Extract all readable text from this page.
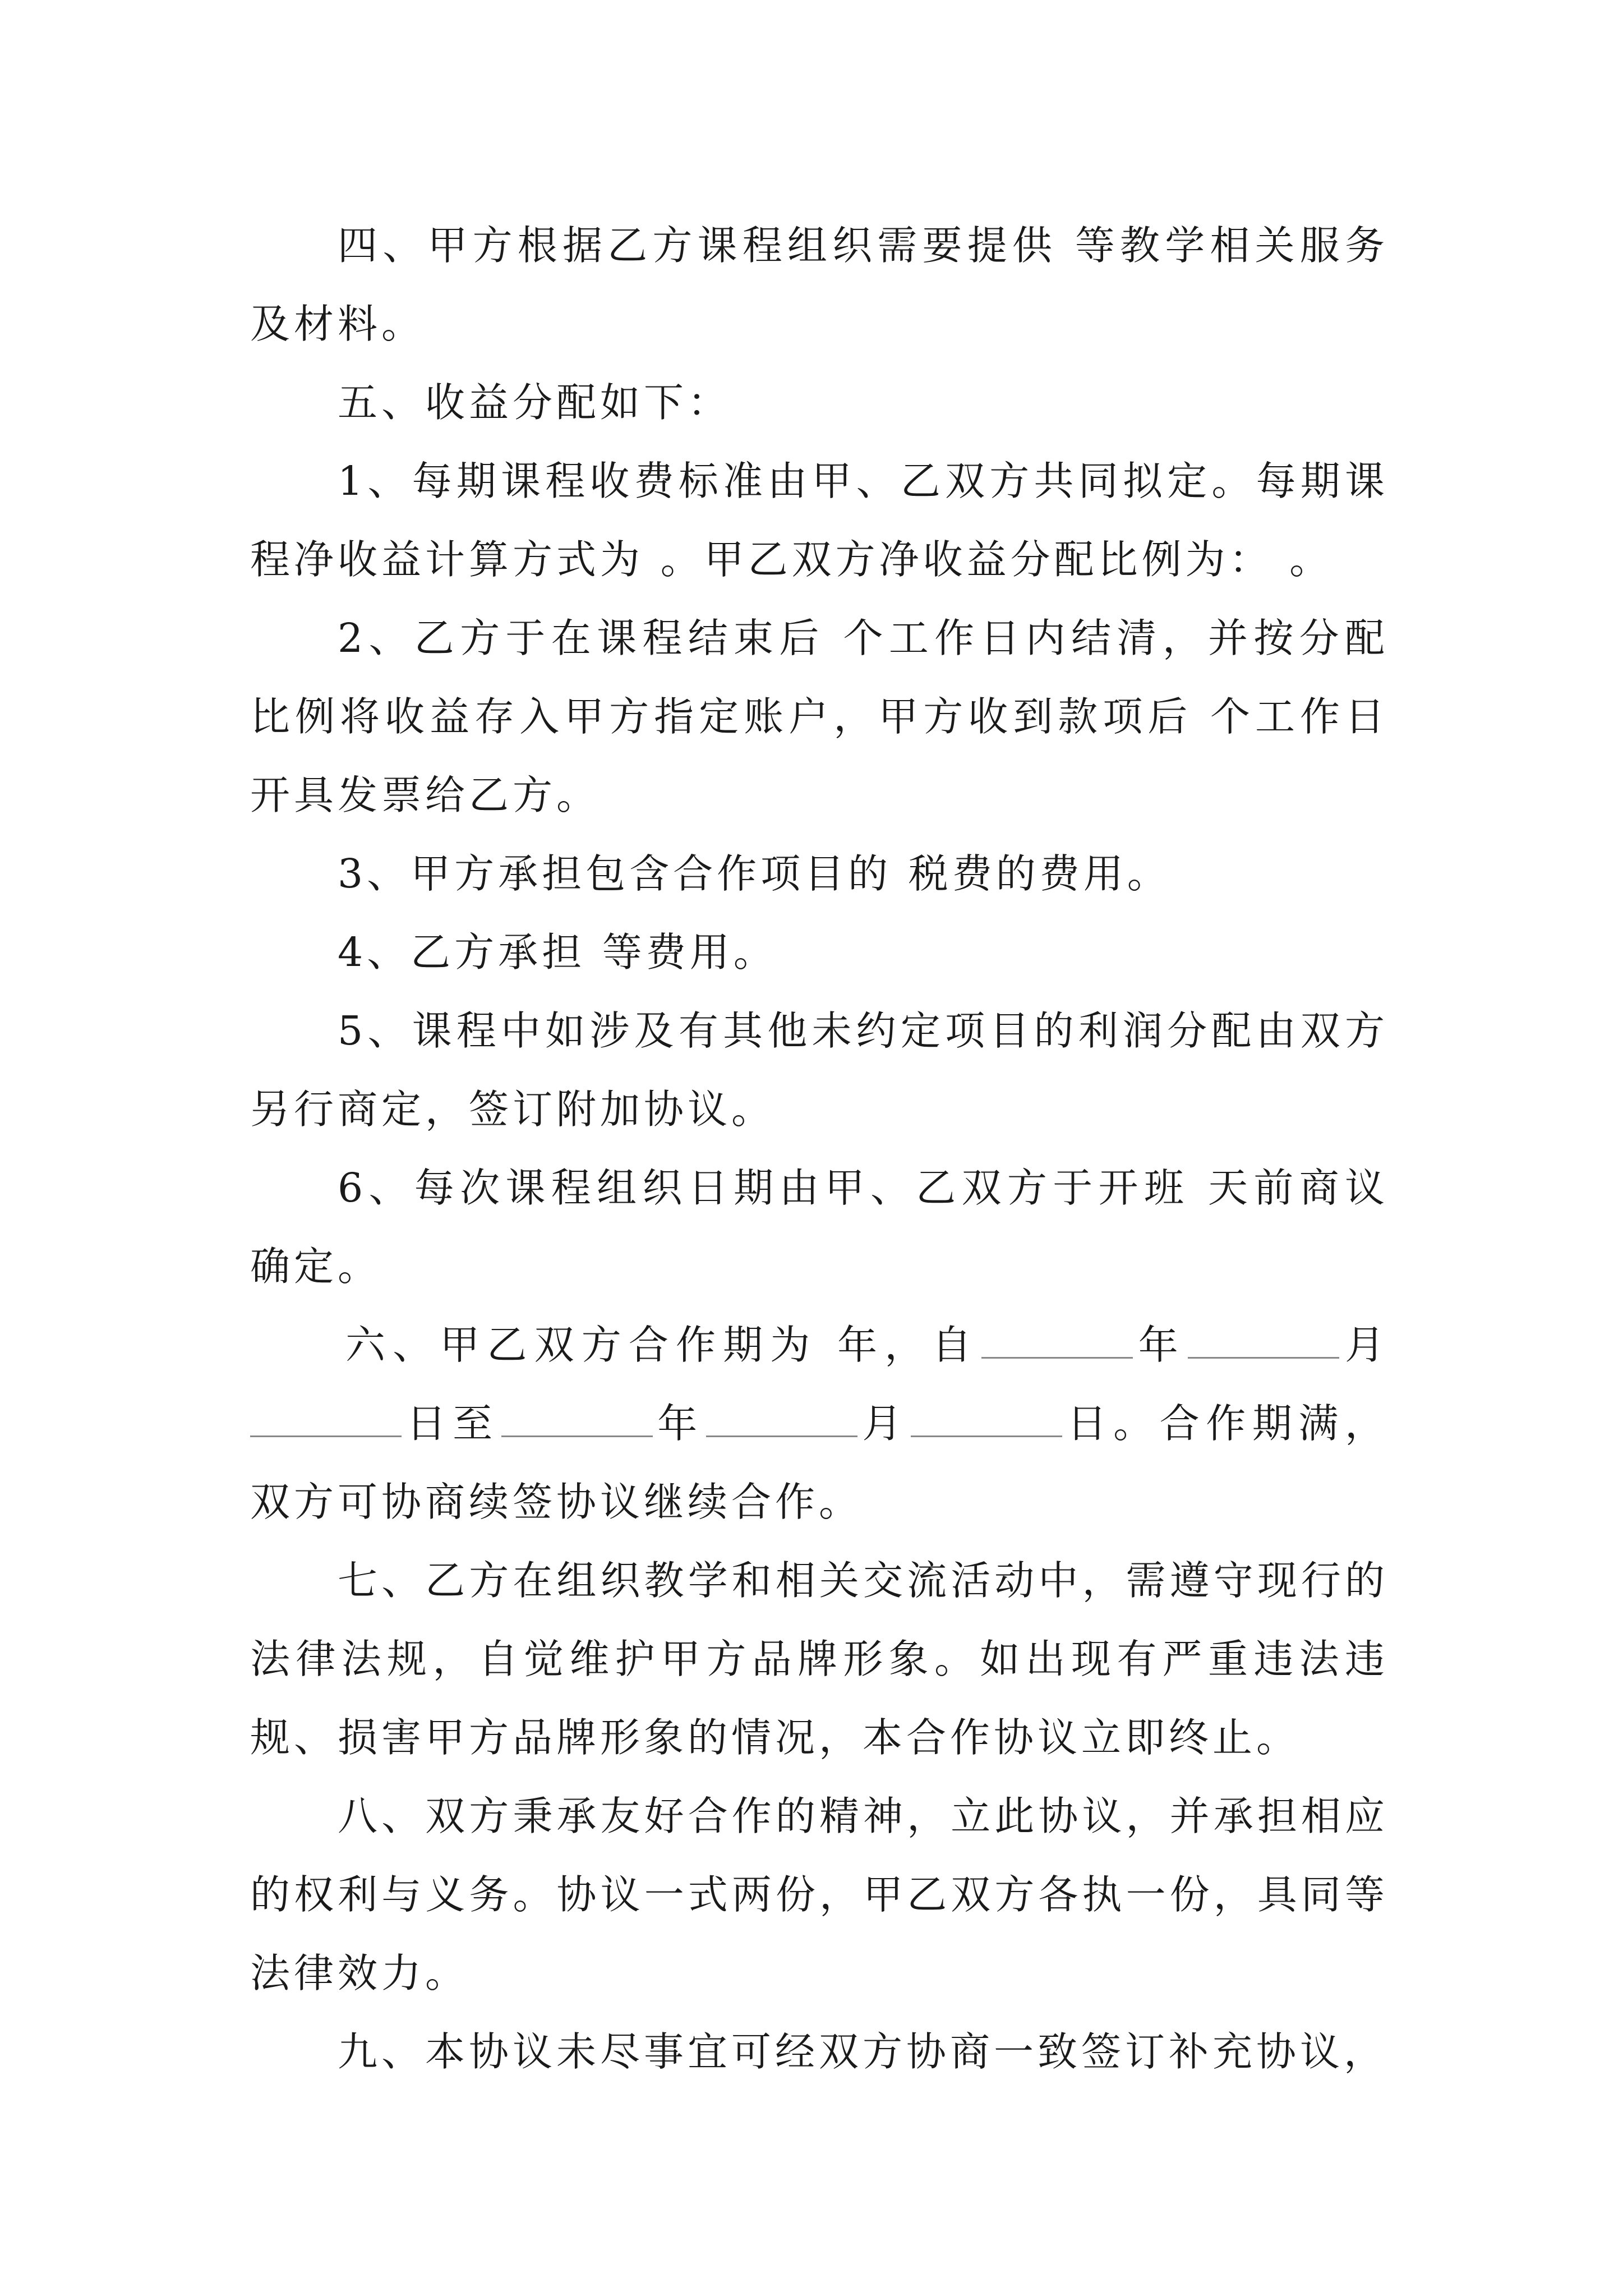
四、甲方根据乙方课程组织需要提供 等教学相关服务及材料。

五、收益分配如下：

1、每期课程收费标准由甲、乙双方共同拟定。每期课程净收益计算方式为 。甲乙双方净收益分配比例为： 。

2、乙方于在课程结束后 个工作日内结清，并按分配比例将收益存入甲方指定账户，甲方收到款项后 个工作日开具发票给乙方。

3、甲方承担包含合作项目的 税费的费用。

4、乙方承担 等费用。

5、课程中如涉及有其他未约定项目的利润分配由双方另行商定，签订附加协议。

6、每次课程组织日期由甲、乙双方于开班 天前商议确定。

六、甲乙双方合作期为 年，自	年	月日至	年	月	日。合作期满，双方可协商续签协议继续合作。

七、乙方在组织教学和相关交流活动中，需遵守现行的法律法规，自觉维护甲方品牌形象。如出现有严重违法违规、损害甲方品牌形象的情况，本合作协议立即终止。

八、双方秉承友好合作的精神，立此协议，并承担相应的权利与义务。协议一式两份，甲乙双方各执一份，具同等法律效力。

九、本协议未尽事宜可经双方协商一致签订补充协议，
